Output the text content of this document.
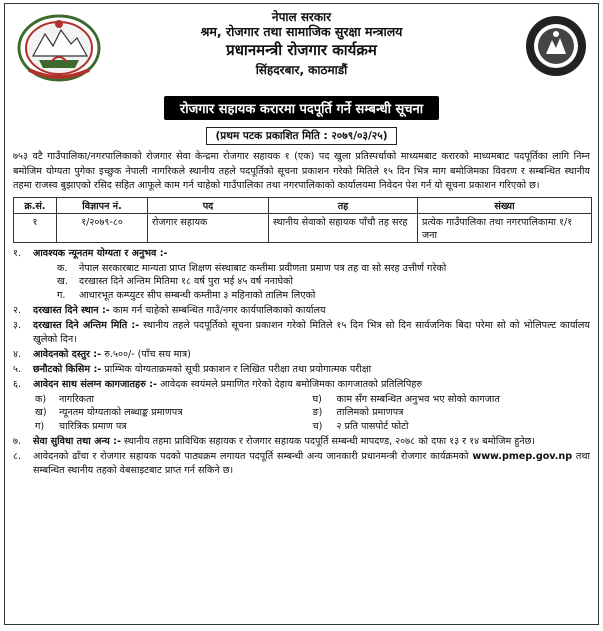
नेपाल सरकार
श्रम, रोजगार तथा सामाजिक सुरक्षा मन्त्रालय
प्रधानमन्त्री रोजगार कार्यक्रम
सिंहदरबार, काठमाडौं
रोजगार सहायक करारमा पदपूर्ति गर्ने सम्बन्धी सूचना
(प्रथम पटक प्रकाशित मिति : २०७९/०३/२५)
७५३ वटै गाउँपालिका/नगरपालिकाको रोजगार सेवा केन्द्रमा रोजगार सहायक १ (एक) पद खुला प्रतिस्पर्धाको माध्यमबाट करारको माध्यमबाट पदपूर्तिका लागि निम्न बमोजिम योग्यता पुगेका इच्छुक नेपाली नागरिकले स्थानीय तहले पदपूर्तिको सूचना प्रकाशन गरेको मितिले १५ दिन भित्र माग बमोजिमका विवरण र सम्बन्धित स्थानीय तहमा राजस्व बुझाएको रसिद सहित आफूले काम गर्न चाहेको गाउँपालिका तथा नगरपालिकाको कार्यालयमा निवेदन पेश गर्न यो सूचना प्रकाशन गरिएको छ।
क्र.सं.	विज्ञापन नं.	पद	तह	संख्या
१	१/२०७९-८०	रोजगार सहायक	स्थानीय सेवाको सहायक पाँचौ तह सरह	प्रत्येक गाउँपालिका तथा नगरपालिकामा १/१ जना
१.	आवश्यक न्यूनतम योग्यता र अनुभव :-
क.	नेपाल सरकारबाट मान्यता प्राप्त शिक्षण संस्थाबाट कम्तीमा प्रवीणता प्रमाण पत्र तह वा सो सरह उत्तीर्ण गरेको
ख.	दरखास्त दिने अन्तिम मितिमा १८ वर्ष पुरा भई ४५ वर्ष ननाघेको
ग.	आधारभूत कम्प्युटर सीप सम्बन्धी कम्तीमा ३ महिनाको तालिम लिएको
२.	दरखास्त दिने स्थान :- काम गर्न चाहेको सम्बन्धित गाउँ/नगर कार्यपालिकाको कार्यालय
३.	दरखास्त दिने अन्तिम मिति :- स्थानीय तहले पदपूर्तिको सूचना प्रकाशन गरेको मितिले १५ दिन भित्र सो दिन सार्वजनिक बिदा परेमा सो को भोलिपल्ट कार्यालय खुलेको दिन।
४.	आवेदनको दस्तुर :- रु.५००/- (पाँच सय मात्र)
५.	छनौटको किसिम :- प्राम्भिक योग्यताक्रमको सूची प्रकाशन र लिखित परीक्षा तथा प्रयोगात्मक परीक्षा
६.	आवेदन साथ संलग्न कागजातहरु :- आवेदक स्वयंमले प्रमाणित गरेको देहाय बमोजिमका कागजातको प्रतिलिपिहरु
क)	नागरिकता	घ)	काम सँग सम्बन्धित अनुभव भए सोको कागजात
ख)	न्यूनतम योग्यताको लब्धाङ्क प्रमाणपत्र	ङ)	तालिमको प्रमाणपत्र
ग)	चारित्रिक प्रमाण पत्र	च)	२ प्रति पासपोर्ट फोटो
७.	सेवा सुविधा तथा अन्य :- स्थानीय तहमा प्राविधिक सहायक र रोजगार सहायक पदपूर्ति सम्बन्धी मापदण्ड, २०७८ को दफा १३ र १४ बमोजिम हुनेछ।
८.	आवेदनको ढाँचा र रोजगार सहायक पदको पाठ्यक्रम लगायत पदपूर्ति सम्बन्धी अन्य जानकारी प्रधानमन्त्री रोजगार कार्यक्रमको www.pmep.gov.np तथा सम्बन्धित स्थानीय तहको वेबसाइटबाट प्राप्त गर्न सकिने छ।
